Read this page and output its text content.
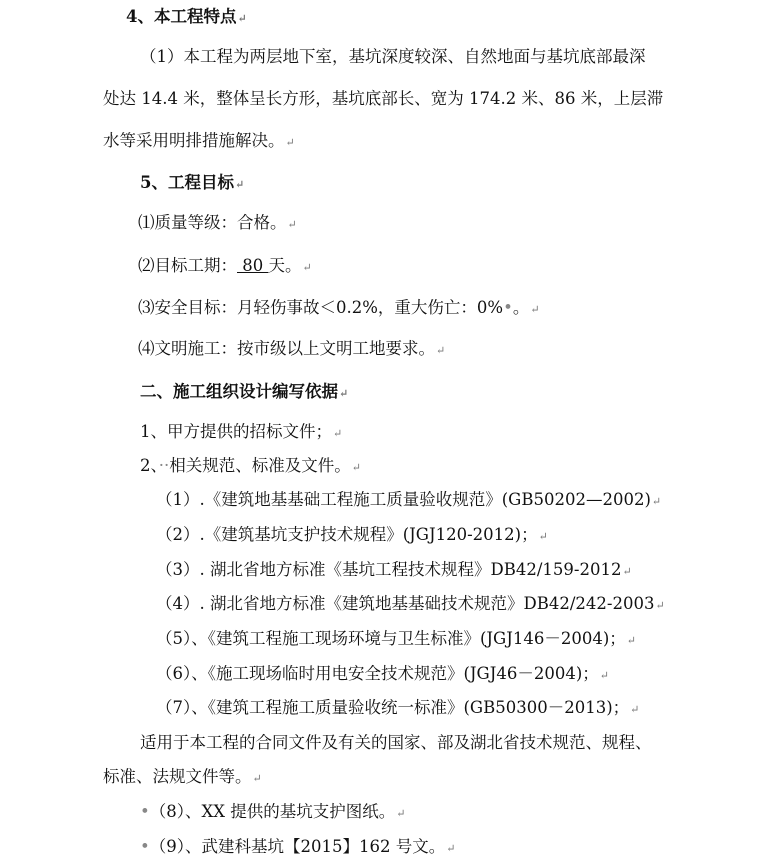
4、本工程特点↵
（1）本工程为两层地下室，基坑深度较深、自然地面与基坑底部最深
处达 14.4 米，整体呈长方形，基坑底部长、宽为 174.2 米、86 米，上层滞
水等采用明排措施解决。↵
5、工程目标↵
⑴质量等级：合格。↵
⑵目标工期： 80 天。↵
⑶安全目标：月轻伤事故＜0.2%，重大伤亡：0%•。↵
⑷文明施工：按市级以上文明工地要求。↵
二、施工组织设计编写依据↵
1、甲方提供的招标文件；↵
2、··相关规范、标准及文件。↵
（1）.《建筑地基基础工程施工质量验收规范》(GB50202—2002)↵
（2）.《建筑基坑支护技术规程》(JGJ120-2012)；↵
（3）. 湖北省地方标准《基坑工程技术规程》DB42/159-2012↵
（4）. 湖北省地方标准《建筑地基基础技术规范》DB42/242-2003↵
（5）、《建筑工程施工现场环境与卫生标准》(JGJ146－2004)；↵
（6）、《施工现场临时用电安全技术规范》(JGJ46－2004)；↵
（7）、《建筑工程施工质量验收统一标准》(GB50300－2013)；↵
适用于本工程的合同文件及有关的国家、部及湖北省技术规范、规程、
标准、法规文件等。↵
•（8）、XX 提供的基坑支护图纸。↵
•（9）、武建科基坑【2015】162 号文。↵
